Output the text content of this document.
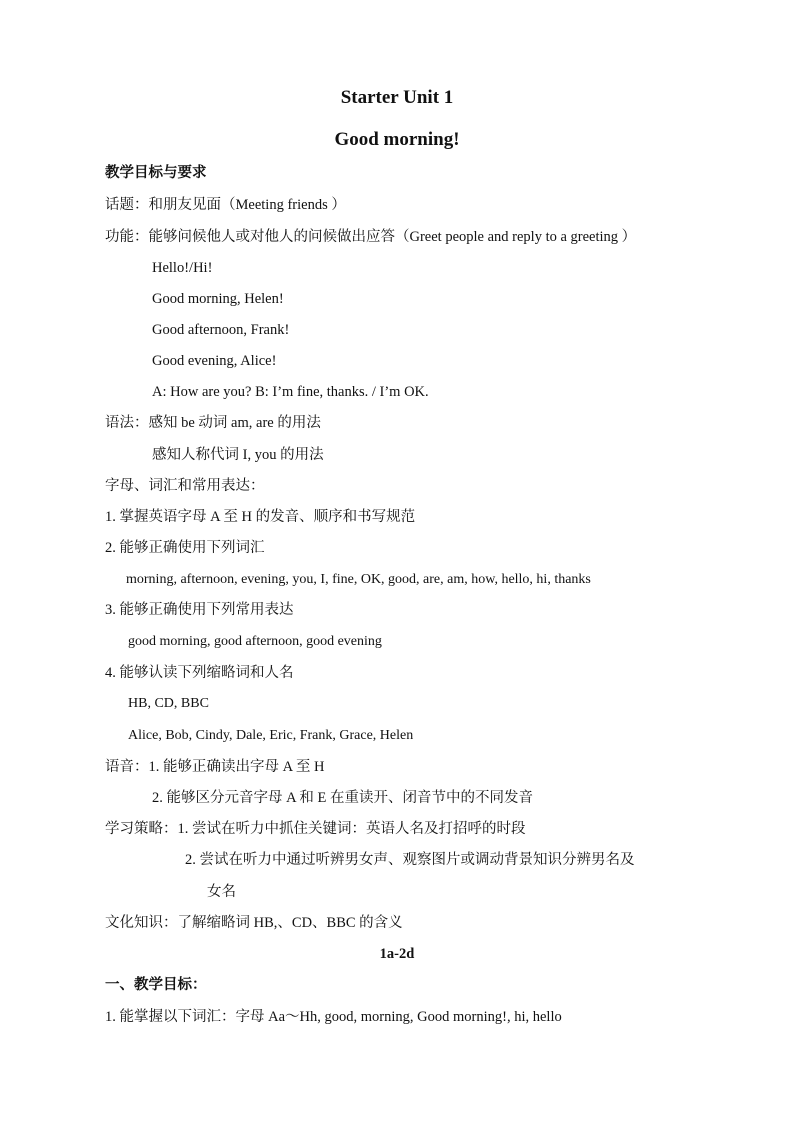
Starter Unit 1
Good morning!
教学目标与要求
话题：和朋友见面（Meeting friends ）
功能：能够问候他人或对他人的问候做出应答（Greet people and reply to a greeting ）
Hello!/Hi!
Good morning, Helen!
Good afternoon, Frank!
Good evening, Alice!
A: How are you? B: I’m fine, thanks. / I’m OK.
语法：感知 be 动词 am, are 的用法
感知人称代词 I, you 的用法
字母、词汇和常用表达：
1. 掌握英语字母 A 至 H 的发音、顺序和书写规范
2. 能够正确使用下列词汇
morning, afternoon, evening, you, I, fine, OK, good, are, am, how, hello, hi, thanks
3. 能够正确使用下列常用表达
good morning, good afternoon, good evening
4. 能够认读下列缩略词和人名
HB, CD, BBC
Alice, Bob, Cindy, Dale, Eric, Frank, Grace, Helen
语音：1. 能够正确读出字母 A 至 H
2. 能够区分元音字母 A 和 E 在重读开、闭音节中的不同发音
学习策略：1. 尝试在听力中抓住关键词：英语人名及打招呼的时段
2. 尝试在听力中通过听辨男女声、观察图片或调动背景知识分辨男名及
女名
文化知识：了解缩略词 HB,、CD、BBC 的含义
1a-2d
一、教学目标：
1. 能掌握以下词汇：字母 Aa～Hh, good, morning, Good morning!, hi, hello
